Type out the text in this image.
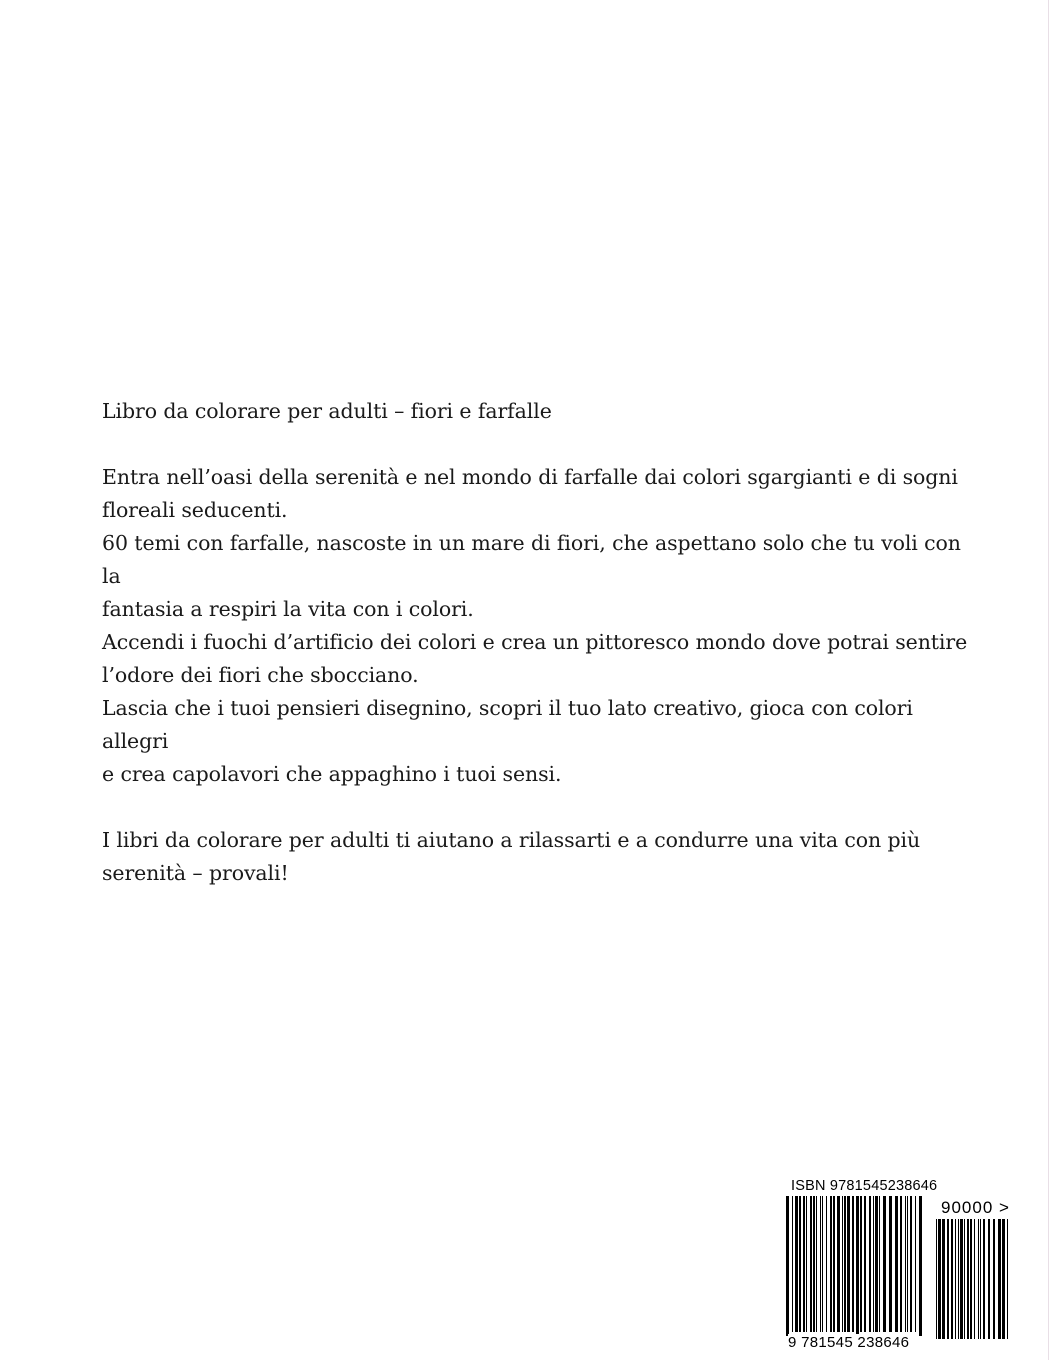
Libro da colorare per adulti – fiori e farfalle

Entra nell’oasi della serenità e nel mondo di farfalle dai colori sgargianti e di sogni

floreali seducenti.

60 temi con farfalle, nascoste in un mare di fiori, che aspettano solo che tu voli con la

fantasia a respiri la vita con i colori.

Accendi i fuochi d’artificio dei colori e crea un pittoresco mondo dove potrai sentire

l’odore dei fiori che sbocciano.

Lascia che i tuoi pensieri disegnino, scopri il tuo lato creativo, gioca con colori allegri

e crea capolavori che appaghino i tuoi sensi.

I libri da colorare per adulti ti aiutano a rilassarti e a condurre una vita con più

serenità – provali!

ISBN 9781545238646
90000 >
9 781545 238646
